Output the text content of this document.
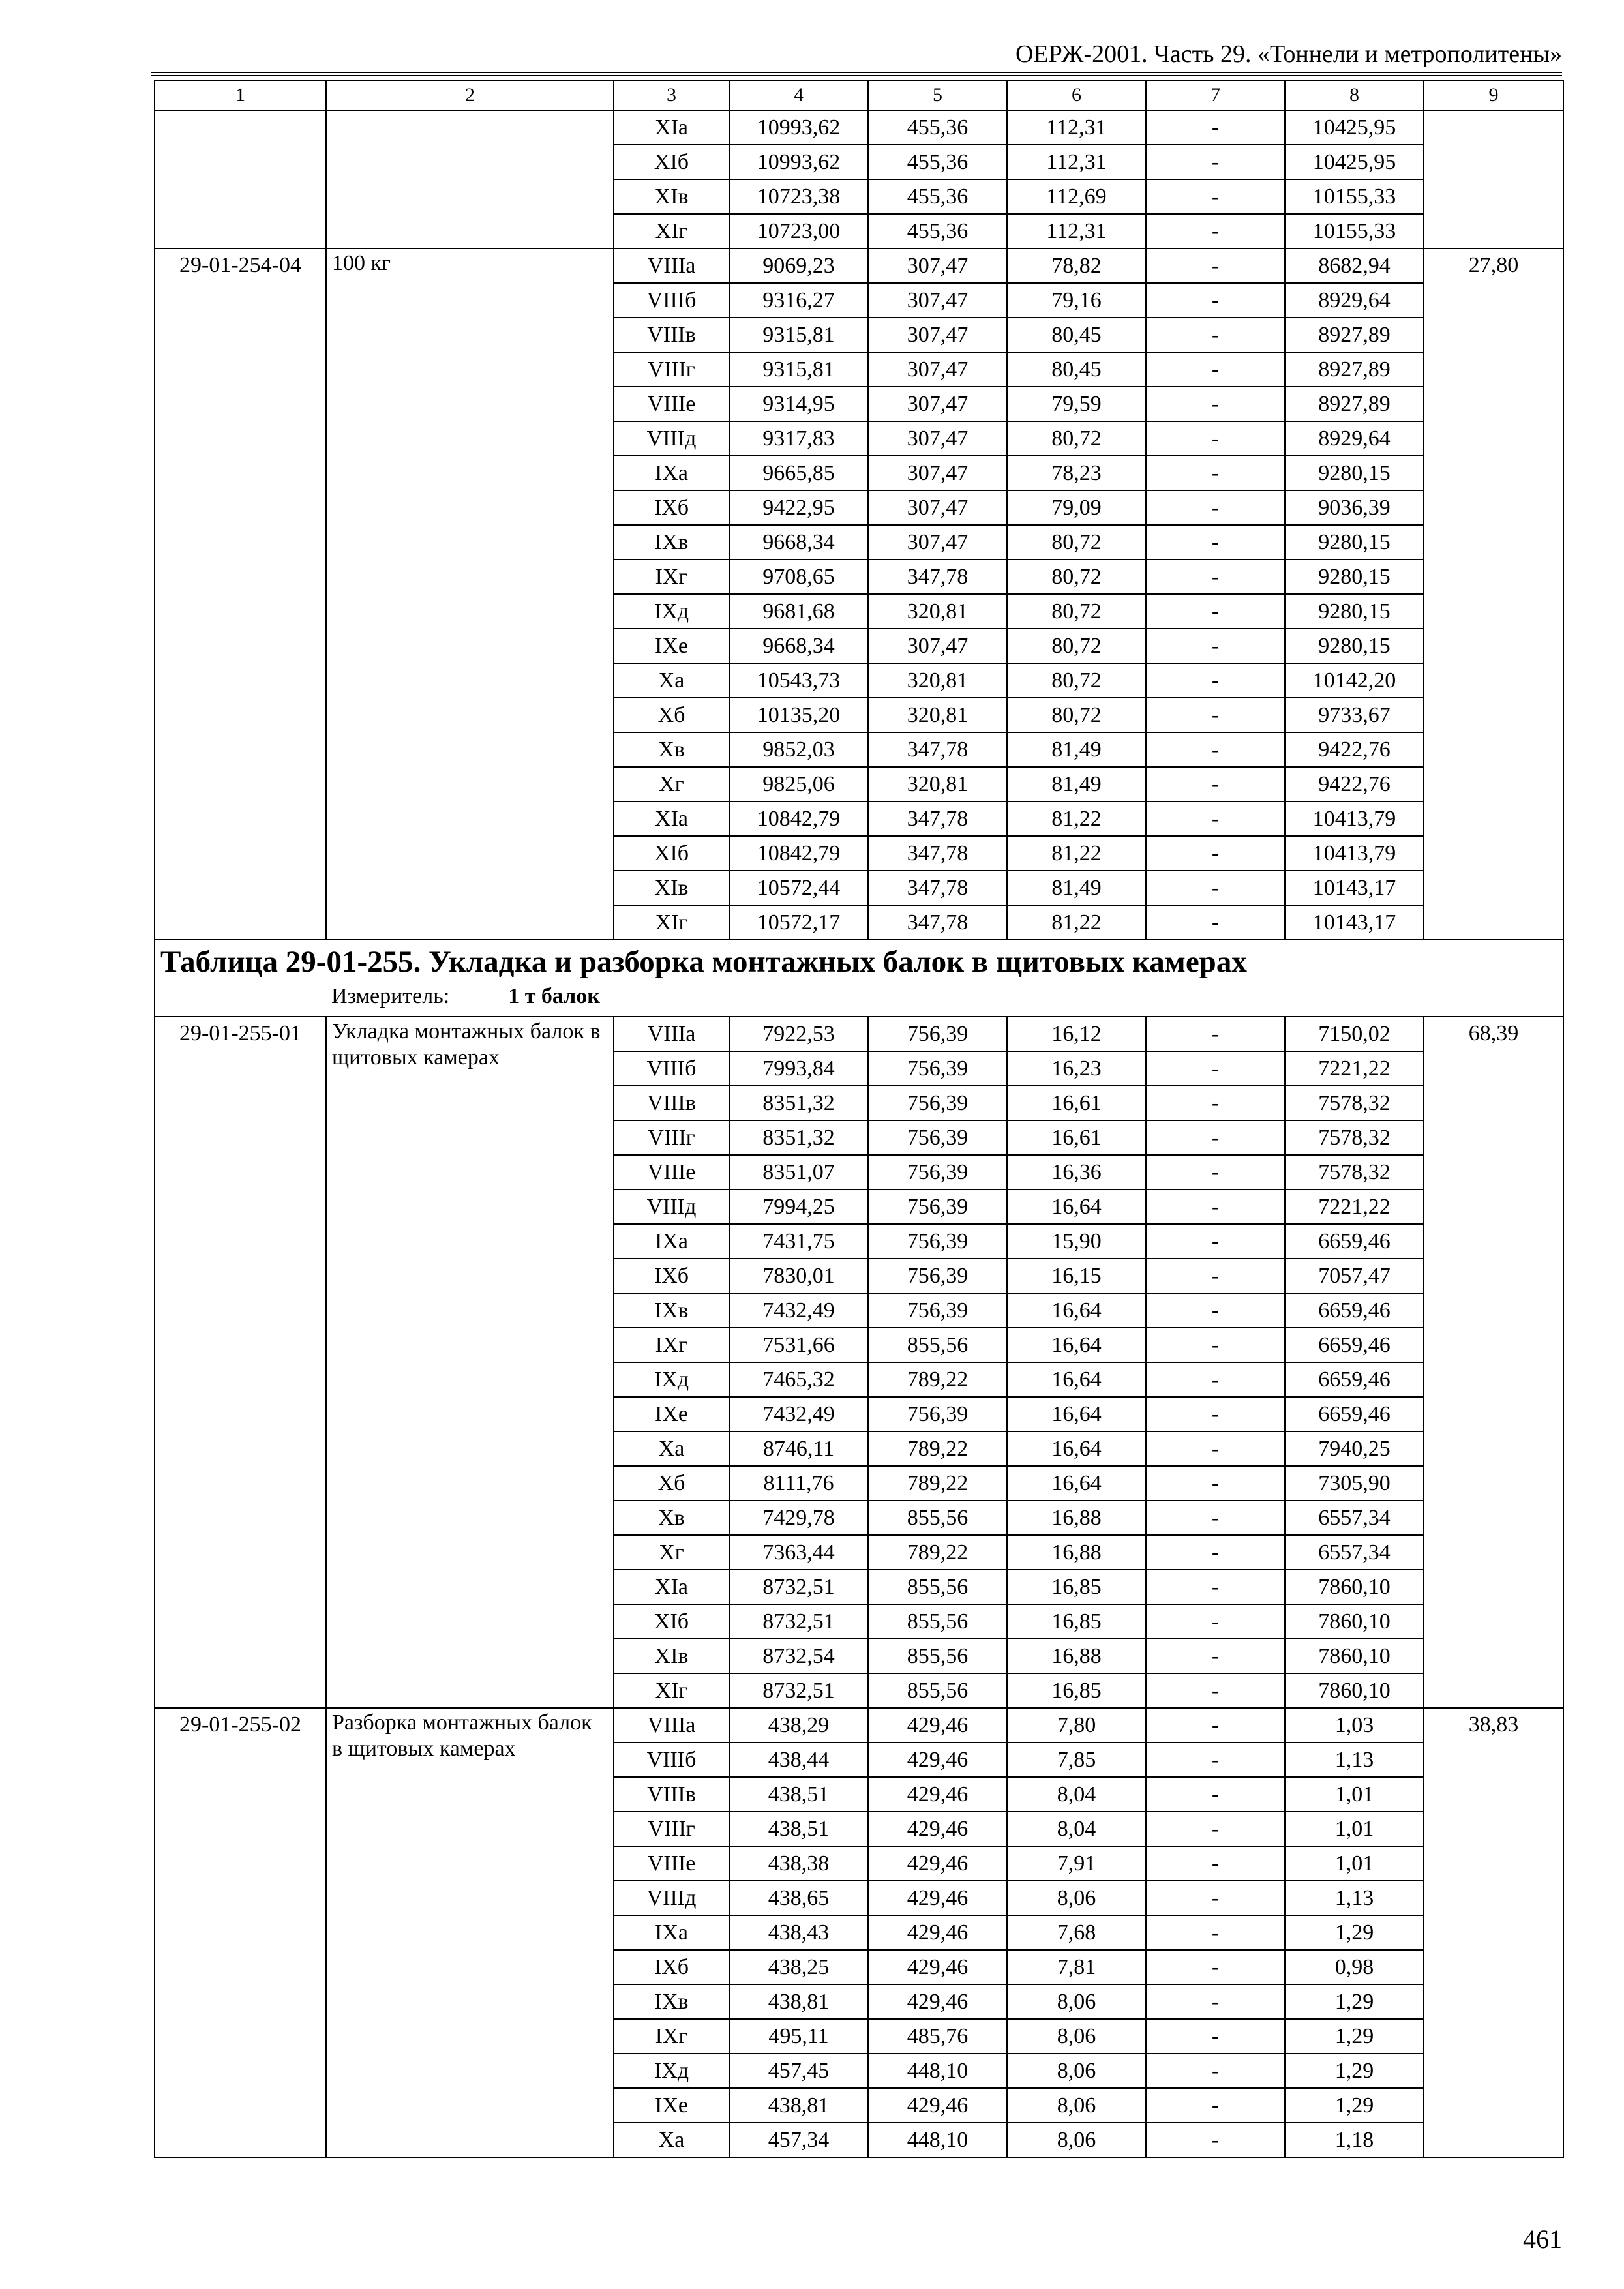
ОЕРЖ-2001. Часть 29. «Тоннели и метрополитены»
1	2	3	4	5	6	7	8	9
		XIа	10993,62	455,36	112,31	-	10425,95	
		XIб	10993,62	455,36	112,31	-	10425,95	
		XIв	10723,38	455,36	112,69	-	10155,33	
		XIг	10723,00	455,36	112,31	-	10155,33	
29-01-254-04	100 кг	VIIIа	9069,23	307,47	78,82	-	8682,94	27,80
		VIIIб	9316,27	307,47	79,16	-	8929,64	
		VIIIв	9315,81	307,47	80,45	-	8927,89	
		VIIIг	9315,81	307,47	80,45	-	8927,89	
		VIIIе	9314,95	307,47	79,59	-	8927,89	
		VIIIд	9317,83	307,47	80,72	-	8929,64	
		IXа	9665,85	307,47	78,23	-	9280,15	
		IXб	9422,95	307,47	79,09	-	9036,39	
		IXв	9668,34	307,47	80,72	-	9280,15	
		IXг	9708,65	347,78	80,72	-	9280,15	
		IXд	9681,68	320,81	80,72	-	9280,15	
		IXе	9668,34	307,47	80,72	-	9280,15	
		Xа	10543,73	320,81	80,72	-	10142,20	
		Xб	10135,20	320,81	80,72	-	9733,67	
		Xв	9852,03	347,78	81,49	-	9422,76	
		Xг	9825,06	320,81	81,49	-	9422,76	
		XIа	10842,79	347,78	81,22	-	10413,79	
		XIб	10842,79	347,78	81,22	-	10413,79	
		XIв	10572,44	347,78	81,49	-	10143,17	
		XIг	10572,17	347,78	81,22	-	10143,17	

Таблица 29-01-255. Укладка и разборка монтажных балок в щитовых камерах
Измеритель: 1 т балок								

29-01-255-01	Укладка монтажных балок в щитовых камерах	VIIIа	7922,53	756,39	16,12	-	7150,02	68,39
		VIIIб	7993,84	756,39	16,23	-	7221,22	
		VIIIв	8351,32	756,39	16,61	-	7578,32	
		VIIIг	8351,32	756,39	16,61	-	7578,32	
		VIIIе	8351,07	756,39	16,36	-	7578,32	
		VIIIд	7994,25	756,39	16,64	-	7221,22	
		IXа	7431,75	756,39	15,90	-	6659,46	
		IXб	7830,01	756,39	16,15	-	7057,47	
		IXв	7432,49	756,39	16,64	-	6659,46	
		IXг	7531,66	855,56	16,64	-	6659,46	
		IXд	7465,32	789,22	16,64	-	6659,46	
		IXе	7432,49	756,39	16,64	-	6659,46	
		Xа	8746,11	789,22	16,64	-	7940,25	
		Xб	8111,76	789,22	16,64	-	7305,90	
		Xв	7429,78	855,56	16,88	-	6557,34	
		Xг	7363,44	789,22	16,88	-	6557,34	
		XIа	8732,51	855,56	16,85	-	7860,10	
		XIб	8732,51	855,56	16,85	-	7860,10	
		XIв	8732,54	855,56	16,88	-	7860,10	
		XIг	8732,51	855,56	16,85	-	7860,10	
29-01-255-02	Разборка монтажных балок в щитовых камерах	VIIIа	438,29	429,46	7,80	-	1,03	38,83
		VIIIб	438,44	429,46	7,85	-	1,13	
		VIIIв	438,51	429,46	8,04	-	1,01	
		VIIIг	438,51	429,46	8,04	-	1,01	
		VIIIе	438,38	429,46	7,91	-	1,01	
		VIIIд	438,65	429,46	8,06	-	1,13	
		IXа	438,43	429,46	7,68	-	1,29	
		IXб	438,25	429,46	7,81	-	0,98	
		IXв	438,81	429,46	8,06	-	1,29	
		IXг	495,11	485,76	8,06	-	1,29	
		IXд	457,45	448,10	8,06	-	1,29	
		IXе	438,81	429,46	8,06	-	1,29	
		Xа	457,34	448,10	8,06	-	1,18	
461
